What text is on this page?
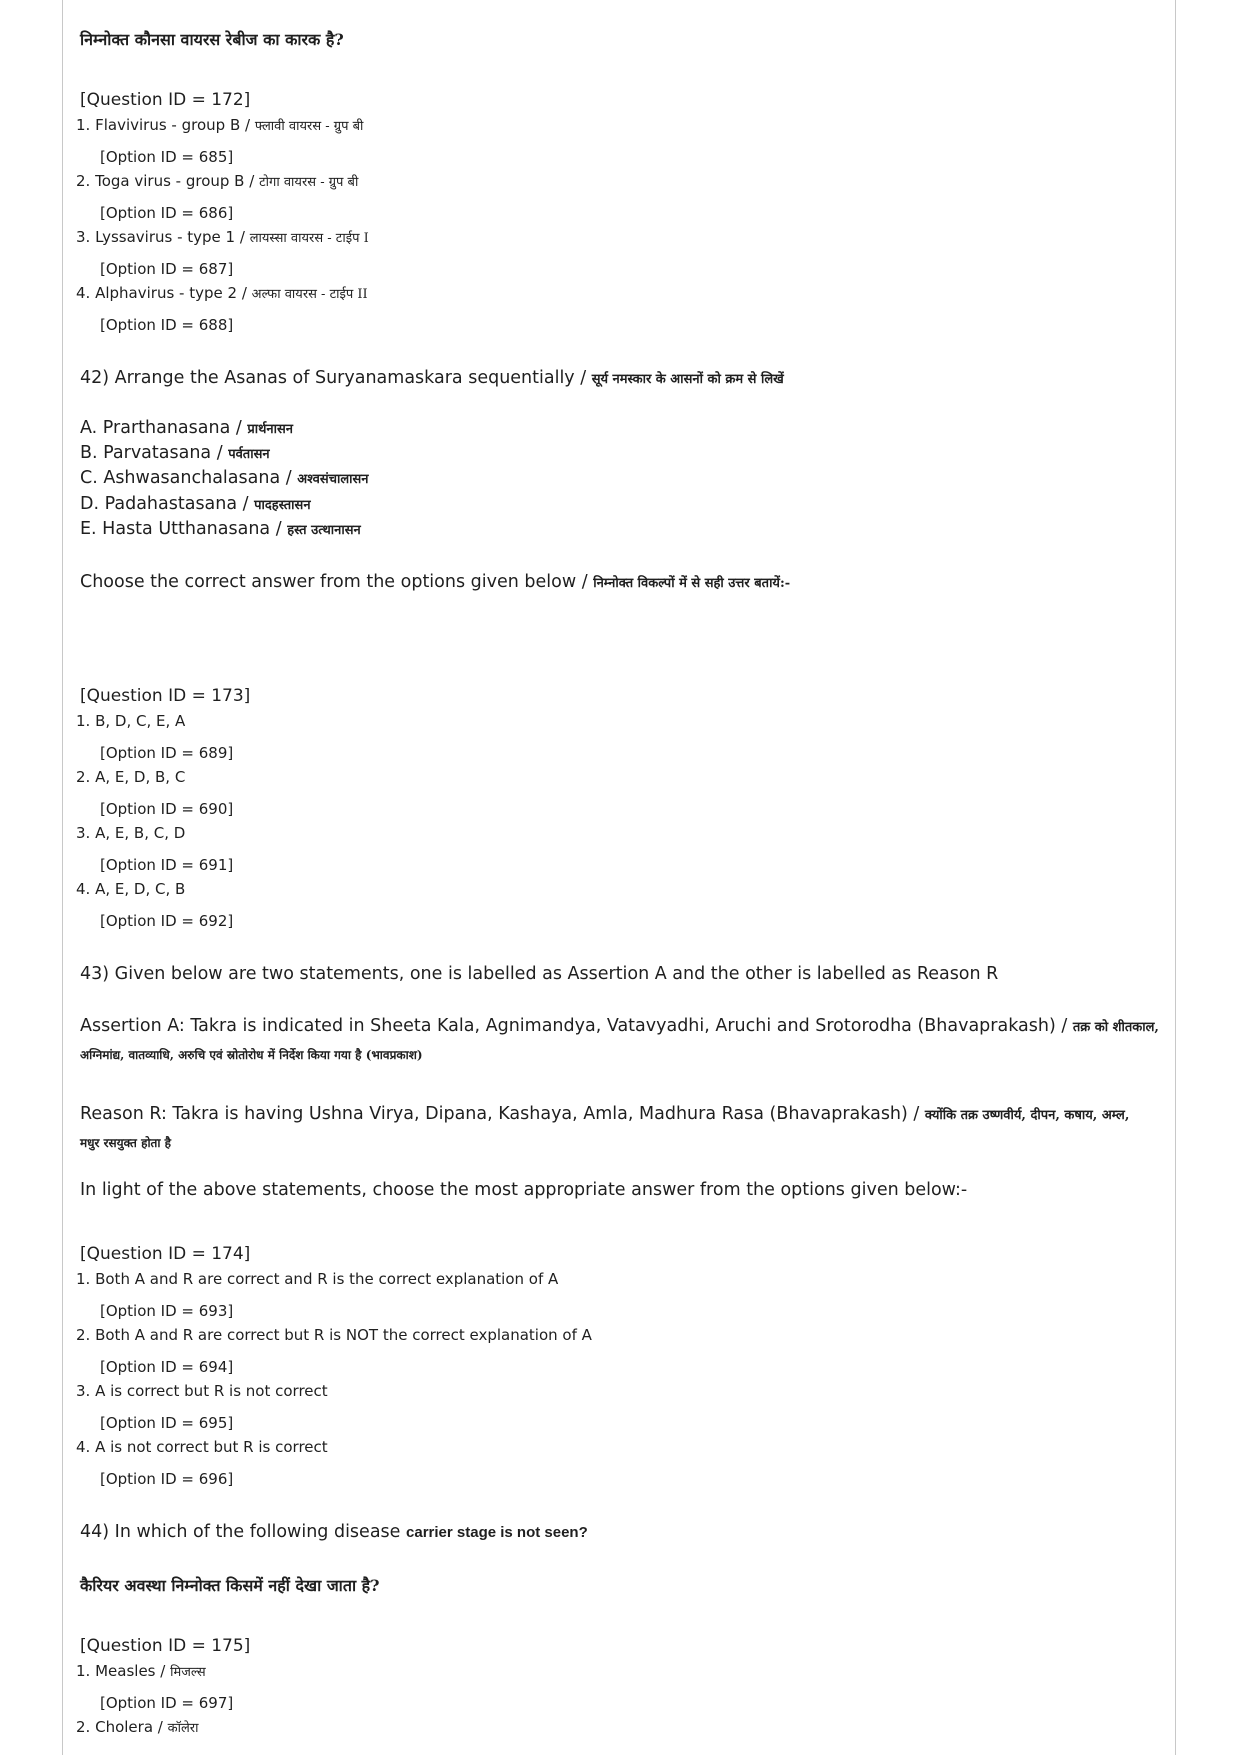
निम्नोक्त कौनसा वायरस रेबीज का कारक है?
[Question ID = 172]
1. Flavivirus - group B / फ्लावी वायरस - ग्रुप बी
[Option ID = 685]
2. Toga virus - group B / टोगा वायरस - ग्रुप बी
[Option ID = 686]
3. Lyssavirus - type 1 / लायस्सा वायरस - टाईप I
[Option ID = 687]
4. Alphavirus - type 2 / अल्फा वायरस - टाईप II
[Option ID = 688]
42) Arrange the Asanas of Suryanamaskara sequentially / सूर्य नमस्कार के आसनों को क्रम से लिखें
A. Prarthanasana / प्रार्थनासन
B. Parvatasana / पर्वतासन
C. Ashwasanchalasana / अश्वसंचालासन
D. Padahastasana / पादहस्तासन
E. Hasta Utthanasana / हस्त उत्थानासन
Choose the correct answer from the options given below / निम्नोक्त विकल्पों में से सही उत्तर बतायें:-
[Question ID = 173]
1. B, D, C, E, A
[Option ID = 689]
2. A, E, D, B, C
[Option ID = 690]
3. A, E, B, C, D
[Option ID = 691]
4. A, E, D, C, B
[Option ID = 692]
43) Given below are two statements, one is labelled as Assertion A and the other is labelled as Reason R
Assertion A: Takra is indicated in Sheeta Kala, Agnimandya, Vatavyadhi, Aruchi and Srotorodha (Bhavaprakash) / तक्र को शीतकाल,
अग्निमांद्य, वातव्याधि, अरुचि एवं स्रोतोरोध में निर्देश किया गया है (भावप्रकाश)
Reason R: Takra is having Ushna Virya, Dipana, Kashaya, Amla, Madhura Rasa (Bhavaprakash) / क्योंकि तक्र उष्णवीर्य, दीपन, कषाय, अम्ल,
मधुर रसयुक्त होता है
In light of the above statements, choose the most appropriate answer from the options given below:-
[Question ID = 174]
1. Both A and R are correct and R is the correct explanation of A
[Option ID = 693]
2. Both A and R are correct but R is NOT the correct explanation of A
[Option ID = 694]
3. A is correct but R is not correct
[Option ID = 695]
4. A is not correct but R is correct
[Option ID = 696]
44) In which of the following disease carrier stage is not seen?
कैरियर अवस्था निम्नोक्त किसमें नहीं देखा जाता है?
[Question ID = 175]
1. Measles / मिजल्स
[Option ID = 697]
2. Cholera / कॉलेरा
